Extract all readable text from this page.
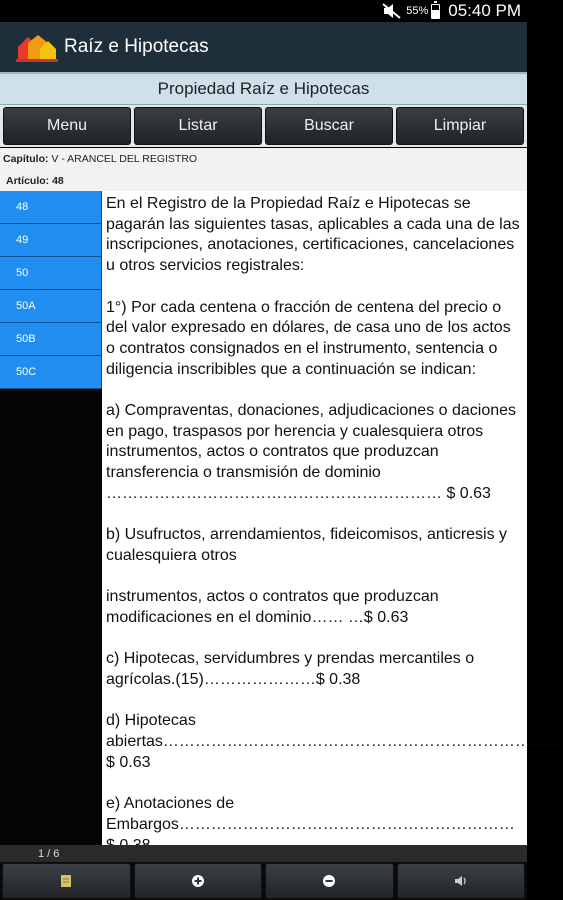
55% 05:40 PM
Raíz e Hipotecas
Propiedad Raíz e Hipotecas
Menu	Listar	Buscar	Limpiar
Capítulo:
V - ARANCEL DEL REGISTRO
Artículo:
48
48
49
50
50A
50B
50C

En el Registro de la Propiedad Raíz e Hipotecas se pagarán las siguientes tasas, aplicables a cada una de las inscripciones, anotaciones, certificaciones, cancelaciones u otros servicios registrales:

1°) Por cada centena o fracción de centena del precio o del valor expresado en dólares, de casa uno de los actos o contratos consignados en el instrumento, sentencia o diligencia inscribibles que a continuación se indican:

a) Compraventas, donaciones, adjudicaciones o daciones en pago, traspasos por herencia y cualesquiera otros instrumentos, actos o contratos que produzcan transferencia o transmisión de dominio ……………………………………………………… $ 0.63

b) Usufructos, arrendamientos, fideicomisos, anticresis y cualesquiera otros

instrumentos, actos o contratos que produzcan modificaciones en el dominio…… …$ 0.63

c) Hipotecas, servidumbres y prendas mercantiles o agrícolas.(15)…………………$ 0.38

d) Hipotecas abiertas…………………………………………………………………$ 0.63

e) Anotaciones de Embargos………………………………………………………

1 / 6
